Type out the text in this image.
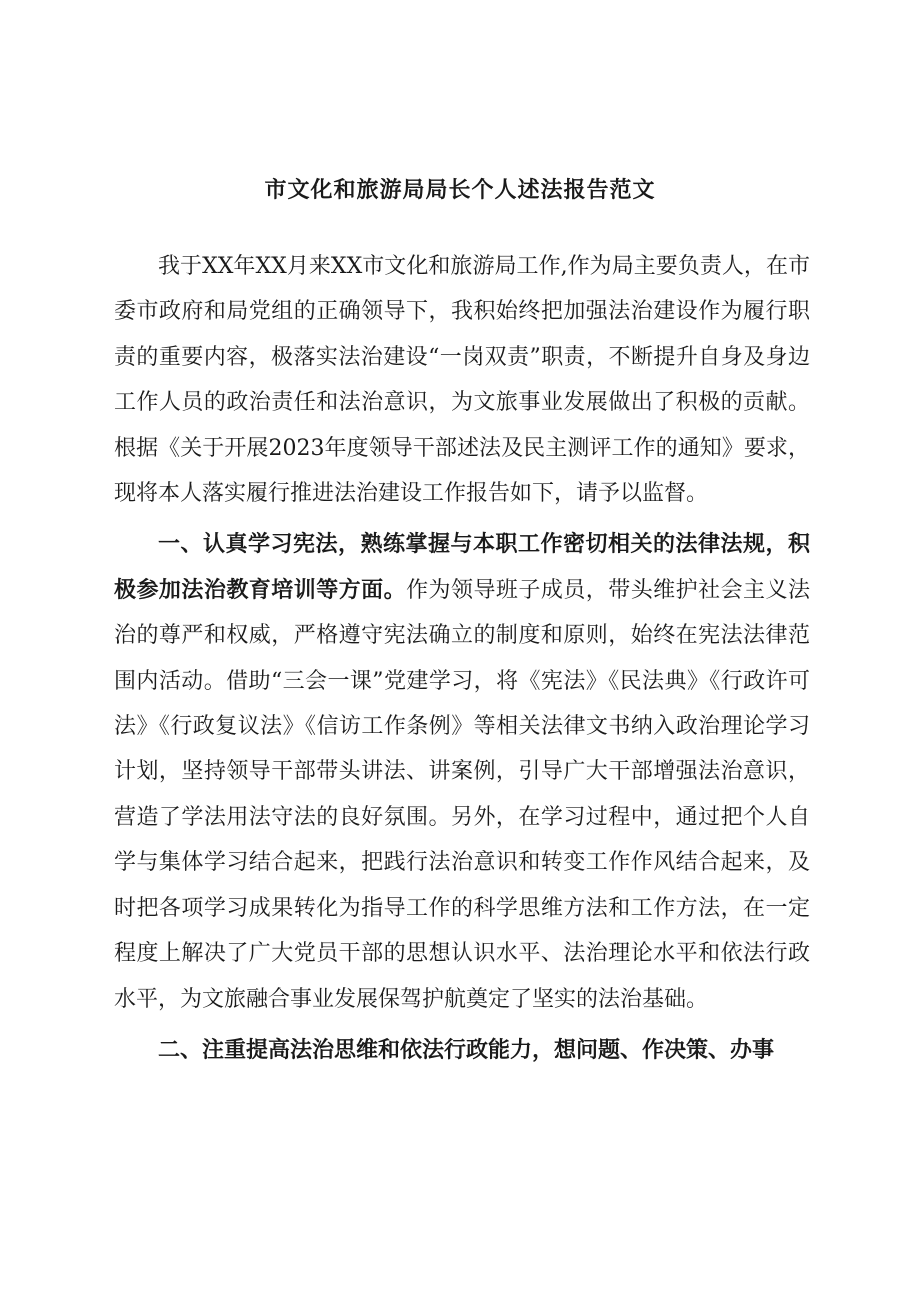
市文化和旅游局局长个人述法报告范文

我于XX年XX月来XX市文化和旅游局工作,作为局主要负责人，在市委市政府和局党组的正确领导下，我积始终把加强法治建设作为履行职责的重要内容，极落实法治建设“一岗双责”职责，不断提升自身及身边工作人员的政治责任和法治意识，为文旅事业发展做出了积极的贡献。根据《关于开展2023年度领导干部述法及民主测评工作的通知》要求，现将本人落实履行推进法治建设工作报告如下，请予以监督。

一、认真学习宪法，熟练掌握与本职工作密切相关的法律法规，积极参加法治教育培训等方面。作为领导班子成员，带头维护社会主义法治的尊严和权威，严格遵守宪法确立的制度和原则，始终在宪法法律范围内活动。借助“三会一课”党建学习，将《宪法》《民法典》《行政许可法》《行政复议法》《信访工作条例》等相关法律文书纳入政治理论学习计划，坚持领导干部带头讲法、讲案例，引导广大干部增强法治意识，营造了学法用法守法的良好氛围。另外，在学习过程中，通过把个人自学与集体学习结合起来，把践行法治意识和转变工作作风结合起来，及时把各项学习成果转化为指导工作的科学思维方法和工作方法，在一定程度上解决了广大党员干部的思想认识水平、法治理论水平和依法行政水平，为文旅融合事业发展保驾护航奠定了坚实的法治基础。

二、注重提高法治思维和依法行政能力，想问题、作决策、办事
